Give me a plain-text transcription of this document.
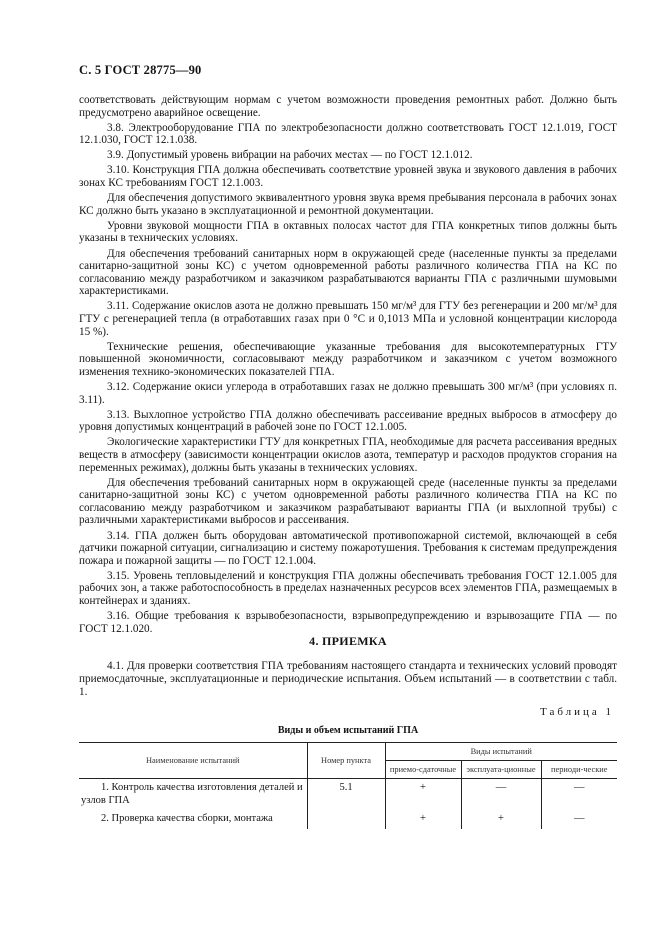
С. 5 ГОСТ 28775—90

соответствовать действующим нормам с учетом возможности проведения ремонтных работ. Должно быть предусмотрено аварийное освещение.

3.8. Электрооборудование ГПА по электробезопасности должно соответствовать ГОСТ 12.1.019, ГОСТ 12.1.030, ГОСТ 12.1.038.

3.9. Допустимый уровень вибрации на рабочих местах — по ГОСТ 12.1.012.

3.10. Конструкция ГПА должна обеспечивать соответствие уровней звука и звукового давления в рабочих зонах КС требованиям ГОСТ 12.1.003.

Для обеспечения допустимого эквивалентного уровня звука время пребывания персонала в рабочих зонах КС должно быть указано в эксплуатационной и ремонтной документации.

Уровни звуковой мощности ГПА в октавных полосах частот для ГПА конкретных типов должны быть указаны в технических условиях.

Для обеспечения требований санитарных норм в окружающей среде (населенные пункты за пределами санитарно-защитной зоны КС) с учетом одновременной работы различного количества ГПА на КС по согласованию между разработчиком и заказчиком разрабатываются варианты ГПА с различными шумовыми характеристиками.

3.11. Содержание окислов азота не должно превышать 150 мг/м³ для ГТУ без регенерации и 200 мг/м³ для ГТУ с регенерацией тепла (в отработавших газах при 0 °С и 0,1013 МПа и условной концентрации кислорода 15 %).

Технические решения, обеспечивающие указанные требования для высокотемпературных ГТУ повышенной экономичности, согласовывают между разработчиком и заказчиком с учетом возможного изменения технико-экономических показателей ГПА.

3.12. Содержание окиси углерода в отработавших газах не должно превышать 300 мг/м³ (при условиях п. 3.11).

3.13. Выхлопное устройство ГПА должно обеспечивать рассеивание вредных выбросов в атмосферу до уровня допустимых концентраций в рабочей зоне по ГОСТ 12.1.005.

Экологические характеристики ГТУ для конкретных ГПА, необходимые для расчета рассеивания вредных веществ в атмосферу (зависимости концентрации окислов азота, температур и расходов продуктов сгорания на переменных режимах), должны быть указаны в технических условиях.

Для обеспечения требований санитарных норм в окружающей среде (населенные пункты за пределами санитарно-защитной зоны КС) с учетом одновременной работы различного количества ГПА на КС по согласованию между разработчиком и заказчиком разрабатывают варианты ГПА (и выхлопной трубы) с различными характеристиками выбросов и рассеивания.

3.14. ГПА должен быть оборудован автоматической противопожарной системой, включающей в себя датчики пожарной ситуации, сигнализацию и систему пожаротушения. Требования к системам предупреждения пожара и пожарной защиты — по ГОСТ 12.1.004.

3.15. Уровень тепловыделений и конструкция ГПА должны обеспечивать требования ГОСТ 12.1.005 для рабочих зон, а также работоспособность в пределах назначенных ресурсов всех элементов ГПА, размещаемых в контейнерах и зданиях.

3.16. Общие требования к взрывобезопасности, взрывопредупреждению и взрывозащите ГПА — по ГОСТ 12.1.020.

4. ПРИЕМКА

4.1. Для проверки соответствия ГПА требованиям настоящего стандарта и технических условий проводят приемосдаточные, эксплуатационные и периодические испытания. Объем испытаний — в соответствии с табл. 1.

Таблица 1
Виды и объем испытаний ГПА
Наименование испытаний	Номер пункта	Виды испытаний		
		приемо-сдаточные	эксплуата-ционные	периоди-ческие
1. Контроль качества изготовления деталей и узлов ГПА	5.1	+	—	—
2. Проверка качества сборки, монтажа		+	+	—
